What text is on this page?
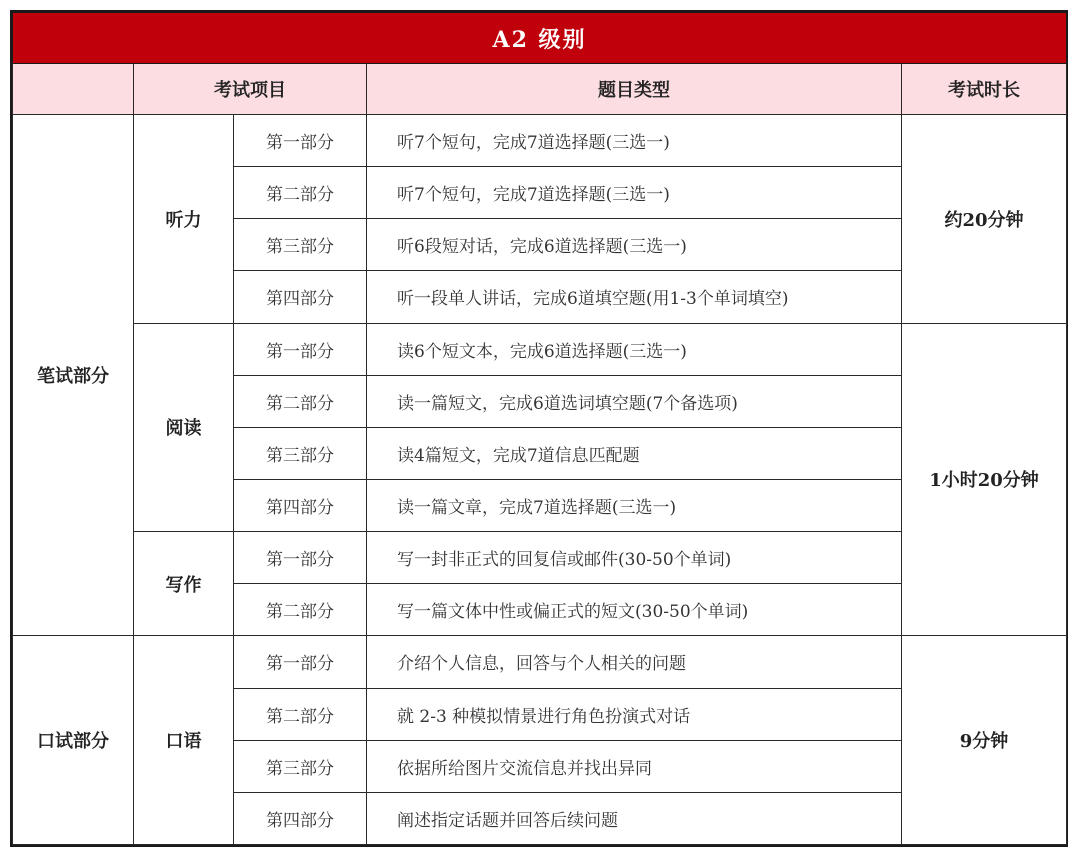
A2 级别				
	考试项目		题目类型	考试时长
笔试部分	听力	第一部分	听7个短句，完成7道选择题(三选一)	约20分钟
		第二部分	听7个短句，完成7道选择题(三选一)	
		第三部分	听6段短对话，完成6道选择题(三选一)	
		第四部分	听一段单人讲话，完成6道填空题(用1-3个单词填空)	
	阅读	第一部分	读6个短文本，完成6道选择题(三选一)	1小时20分钟
		第二部分	读一篇短文，完成6道选词填空题(7个备选项)	
		第三部分	读4篇短文，完成7道信息匹配题	
		第四部分	读一篇文章，完成7道选择题(三选一)	
	写作	第一部分	写一封非正式的回复信或邮件(30-50个单词)	
		第二部分	写一篇文体中性或偏正式的短文(30-50个单词)	
口试部分	口语	第一部分	介绍个人信息，回答与个人相关的问题	9分钟
		第二部分	就 2-3 种模拟情景进行角色扮演式对话	
		第三部分	依据所给图片交流信息并找出异同	
		第四部分	阐述指定话题并回答后续问题	
